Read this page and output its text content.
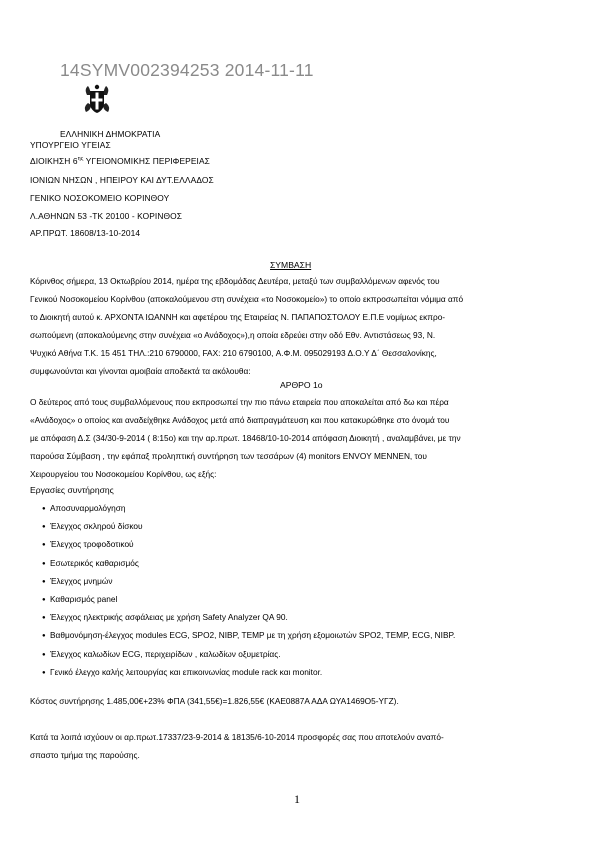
14SYMV002394253 2014-11-11
ΕΛΛΗΝΙΚΗ ΔΗΜΟΚΡΑΤΙΑ
ΥΠΟΥΡΓΕΙΟ ΥΓΕΙΑΣ
ΔΙΟΙΚΗΣΗ $6^{\eta\varsigma}$ ΥΓΕΙΟΝΟΜΙΚΗΣ ΠΕΡΙΦΕΡΕΙΑΣ
ΙΟΝΙΩΝ ΝΗΣΩΝ , ΗΠΕΙΡΟΥ ΚΑΙ ΔΥΤ.ΕΛΛΑΔΟΣ
ΓΕΝΙΚΟ ΝΟΣΟΚΟΜΕΙΟ ΚΟΡΙΝΘΟΥ
Λ.ΑΘΗΝΩΝ 53 -ΤΚ 20100 - ΚΟΡΙΝΘΟΣ
ΑΡ.ΠΡΩΤ. 18608/13-10-2014
ΣΥΜΒΑΣΗ
Κόρινθος σήμερα, 13 Οκτωβρίου 2014, ημέρα της εβδομάδας Δευτέρα, μεταξύ των συμβαλλόμενων αφενός του
Γενικού Νοσοκομείου Κορίνθου (αποκαλούμενου στη συνέχεια «το Νοσοκομείο») το οποίο εκπροσωπείται νόμιμα από
το Διοικητή αυτού κ. ΑΡΧΟΝΤΑ ΙΩΑΝΝΗ και αφετέρου της Εταιρείας Ν. ΠΑΠΑΠΟΣΤΟΛΟΥ Ε.Π.Ε νομίμως εκπρο-
σωπούμενη (αποκαλούμενης στην συνέχεια «ο Ανάδοχος»),η οποία εδρεύει στην οδό Εθν. Αντιστάσεως 93, Ν.
Ψυχικό Αθήνα Τ.Κ. 15 451 ΤΗΛ.:210 6790000, FAX: 210 6790100, Α.Φ.Μ. 095029193 Δ.Ο.Υ Δ΄ Θεσσαλονίκης,
συμφωνούνται και γίνονται αμοιβαία αποδεκτά τα ακόλουθα:
ΑΡΘΡΟ 1ο
Ο δεύτερος από τους συμβαλλόμενους που εκπροσωπεί την πιο πάνω εταιρεία που αποκαλείται από δω και πέρα
«Ανάδοχος» ο οποίος και αναδείχθηκε Ανάδοχος μετά από διαπραγμάτευση και που κατακυρώθηκε στο όνομά του
με απόφαση Δ.Σ (34/30-9-2014 ( 8:15ο) και την αρ.πρωτ. 18468/10-10-2014 απόφαση Διοικητή , αναλαμβάνει, με την
παρούσα Σύμβαση , την εφάπαξ προληπτική συντήρηση των τεσσάρων (4) monitors ENVOY MENNEN, του
Χειρουργείου του Νοσοκομείου Κορίνθου, ως εξής:
Εργασίες συντήρησης
● Αποσυναρμολόγηση
● Έλεγχος σκληρού δίσκου
● Έλεγχος τροφοδοτικού
● Εσωτερικός καθαρισμός
● Έλεγχος μνημών
● Καθαρισμός panel
● Έλεγχος ηλεκτρικής ασφάλειας με χρήση Safety Analyzer QA 90.
● Βαθμονόμηση-έλεγχος modules ECG, SPO2, NIBP, TEMP με τη χρήση εξομοιωτών SPO2, TEMP, ECG, NIBP.
● Έλεγχος καλωδίων ECG, περιχειρίδων , καλωδίων οξυμετρίας.
● Γενικό έλεγχο καλής λειτουργίας και επικοινωνίας module rack και monitor.
Κόστος συντήρησης 1.485,00€+23% ΦΠΑ (341,55€)=1.826,55€ (ΚΑΕ0887Α ΑΔΑ ΩΥΑ1469Ο5-ΥΓΖ).
Κατά τα λοιπά ισχύουν οι αρ.πρωτ.17337/23-9-2014 & 18135/6-10-2014 προσφορές σας που αποτελούν αναπό-
σπαστο τμήμα της παρούσης.
1
